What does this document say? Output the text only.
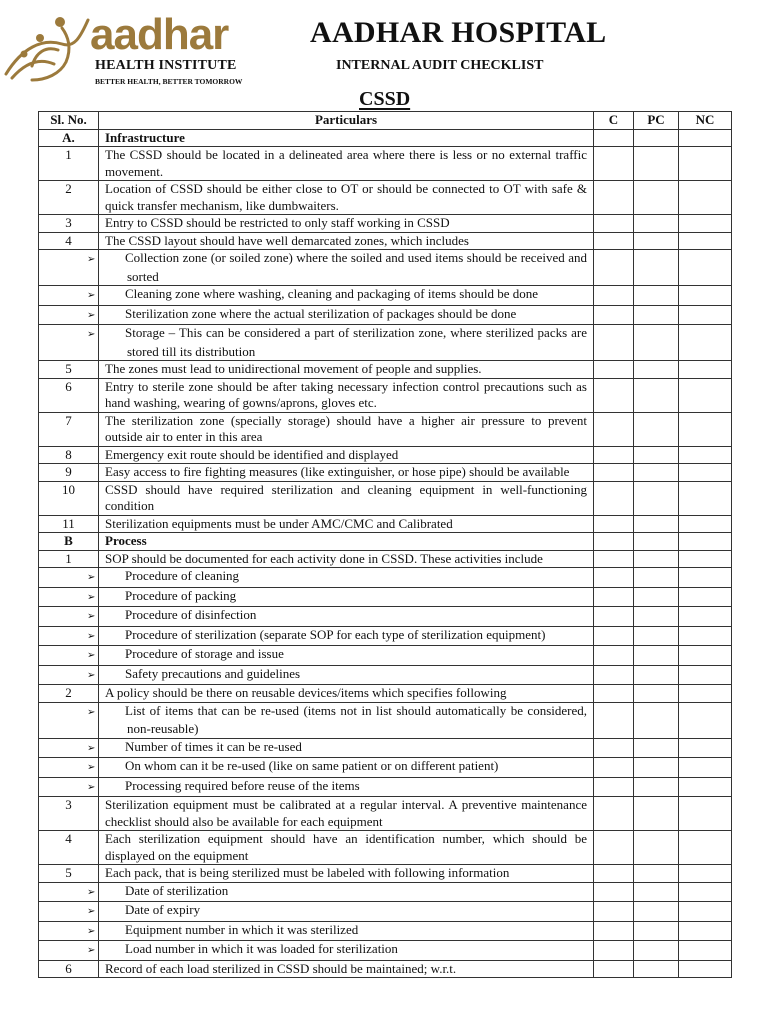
aadhar
HEALTH INSTITUTE
BETTER HEALTH, BETTER TOMORROW
AADHAR HOSPITAL
INTERNAL AUDIT CHECKLIST
CSSD
Sl. No.	Particulars	C	PC	NC
A.	Infrastructure			
1	The CSSD should be located in a delineated area where there is less or no external traffic movement.			
2	Location of CSSD should be either close to OT or should be connected to OT with safe & quick transfer mechanism, like dumbwaiters.			
3	Entry to CSSD should be restricted to only staff working in CSSD			
4	The CSSD layout should have well demarcated zones, which includes			

	➢ Collection zone (or soiled zone) where the soiled and used items should be received and sorted			

	➢ Cleaning zone where washing, cleaning and packaging of items should be done			

	➢ Sterilization zone where the actual sterilization of packages should be done			

	➢ Storage – This can be considered a part of sterilization zone, where sterilized packs are stored till its distribution			

5	The zones must lead to unidirectional movement of people and supplies.			
6	Entry to sterile zone should be after taking necessary infection control precautions such as hand washing, wearing of gowns/aprons, gloves etc.			
7	The sterilization zone (specially storage) should have a higher air pressure to prevent outside air to enter in this area			
8	Emergency exit route should be identified and displayed			
9	Easy access to fire fighting measures (like extinguisher, or hose pipe) should be available			
10	CSSD should have required sterilization and cleaning equipment in well-functioning condition			
11	Sterilization equipments must be under AMC/CMC and Calibrated			
B	Process			
1	SOP should be documented for each activity done in CSSD. These activities include			

	➢ Procedure of cleaning			

	➢ Procedure of packing			

	➢ Procedure of disinfection			

	➢ Procedure of sterilization (separate SOP for each type of sterilization equipment)			

	➢ Procedure of storage and issue			

	➢ Safety precautions and guidelines			

2	A policy should be there on reusable devices/items which specifies following			

	➢ List of items that can be re-used (items not in list should automatically be considered, non-reusable)			

	➢ Number of times it can be re-used			

	➢ On whom can it be re-used (like on same patient or on different patient)			

	➢ Processing required before reuse of the items			

3	Sterilization equipment must be calibrated at a regular interval. A preventive maintenance checklist should also be available for each equipment			
4	Each sterilization equipment should have an identification number, which should be displayed on the equipment			
5	Each pack, that is being sterilized must be labeled with following information			

	➢ Date of sterilization			

	➢ Date of expiry			

	➢ Equipment number in which it was sterilized			

	➢ Load number in which it was loaded for sterilization			

6	Record of each load sterilized in CSSD should be maintained; w.r.t.			
